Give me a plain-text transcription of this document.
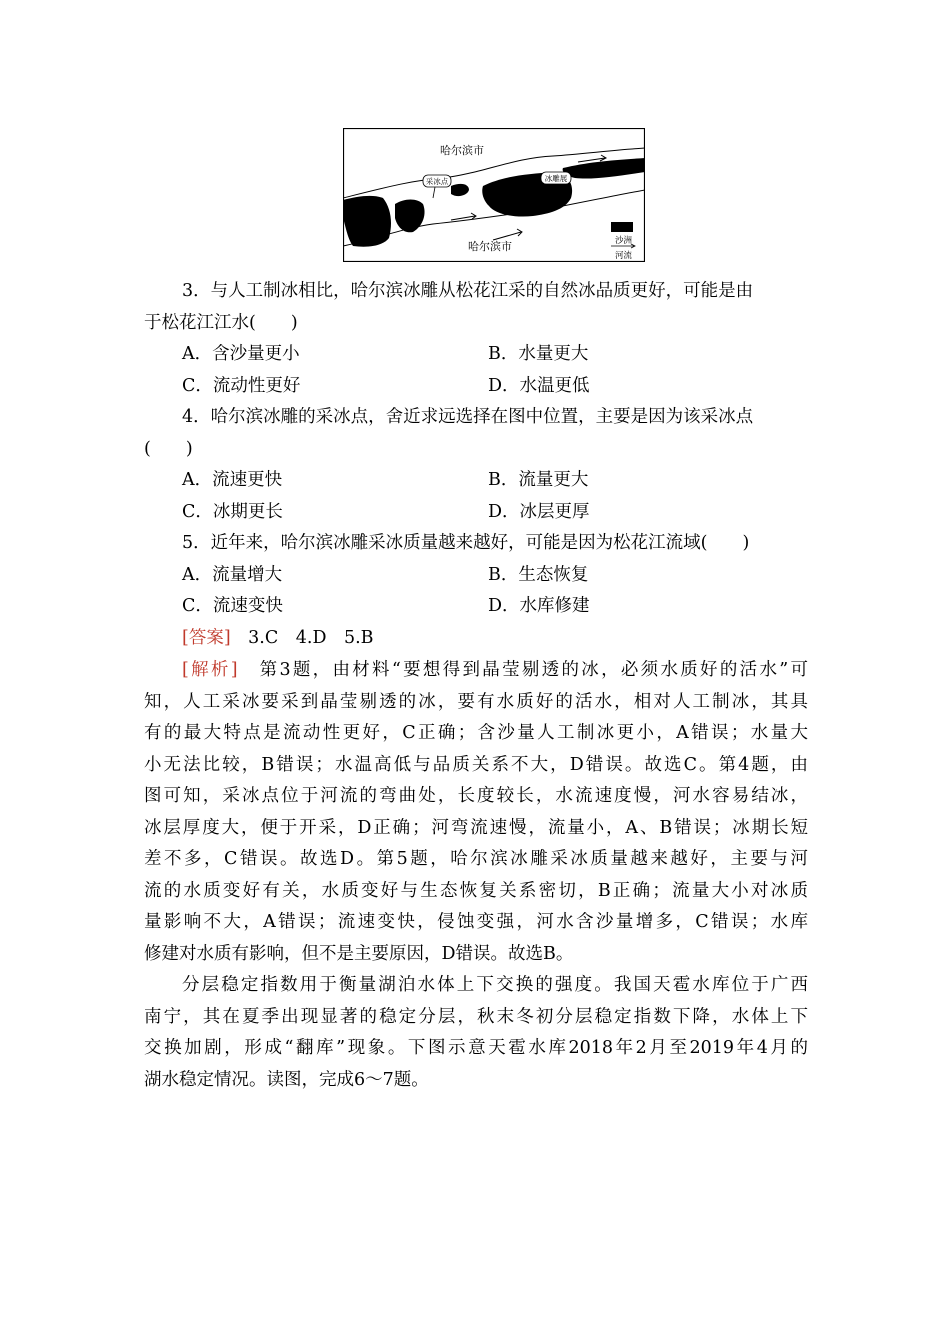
采冰点	冰雕展
哈尔滨市
哈尔滨市	沙洲
河流
3．与人工制冰相比，哈尔滨冰雕从松花江采的自然冰品质更好，可能是由
于松花江江水(　　)
A．含沙量更小	B．水量更大
C．流动性更好	D．水温更低
4．哈尔滨冰雕的采冰点，舍近求远选择在图中位置，主要是因为该采冰点
(　　)
A．流速更快	B．流量更大
C．冰期更长	D．冰层更厚
5．近年来，哈尔滨冰雕采冰质量越来越好，可能是因为松花江流域(　　)
A．流量增大	B．生态恢复
C．流速变快	D．水库修建
[答案]　3.C　4.D　5.B
[解析]　第3题，由材料“要想得到晶莹剔透的冰，必须水质好的活水”可
知，人工采冰要采到晶莹剔透的冰，要有水质好的活水，相对人工制冰，其具
有的最大特点是流动性更好，C正确；含沙量人工制冰更小，A错误；水量大
小无法比较，B错误；水温高低与品质关系不大，D错误。故选C。第4题，由
图可知，采冰点位于河流的弯曲处，长度较长，水流速度慢，河水容易结冰，
冰层厚度大，便于开采，D正确；河弯流速慢，流量小，A、B错误；冰期长短
差不多，C错误。故选D。第5题，哈尔滨冰雕采冰质量越来越好，主要与河
流的水质变好有关，水质变好与生态恢复关系密切，B正确；流量大小对冰质
量影响不大，A错误；流速变快，侵蚀变强，河水含沙量增多，C错误；水库
修建对水质有影响，但不是主要原因，D错误。故选B。
分层稳定指数用于衡量湖泊水体上下交换的强度。我国天雹水库位于广西
南宁，其在夏季出现显著的稳定分层，秋末冬初分层稳定指数下降，水体上下
交换加剧，形成“翻库”现象。下图示意天雹水库2018年2月至2019年4月的
湖水稳定情况。读图，完成6～7题。
